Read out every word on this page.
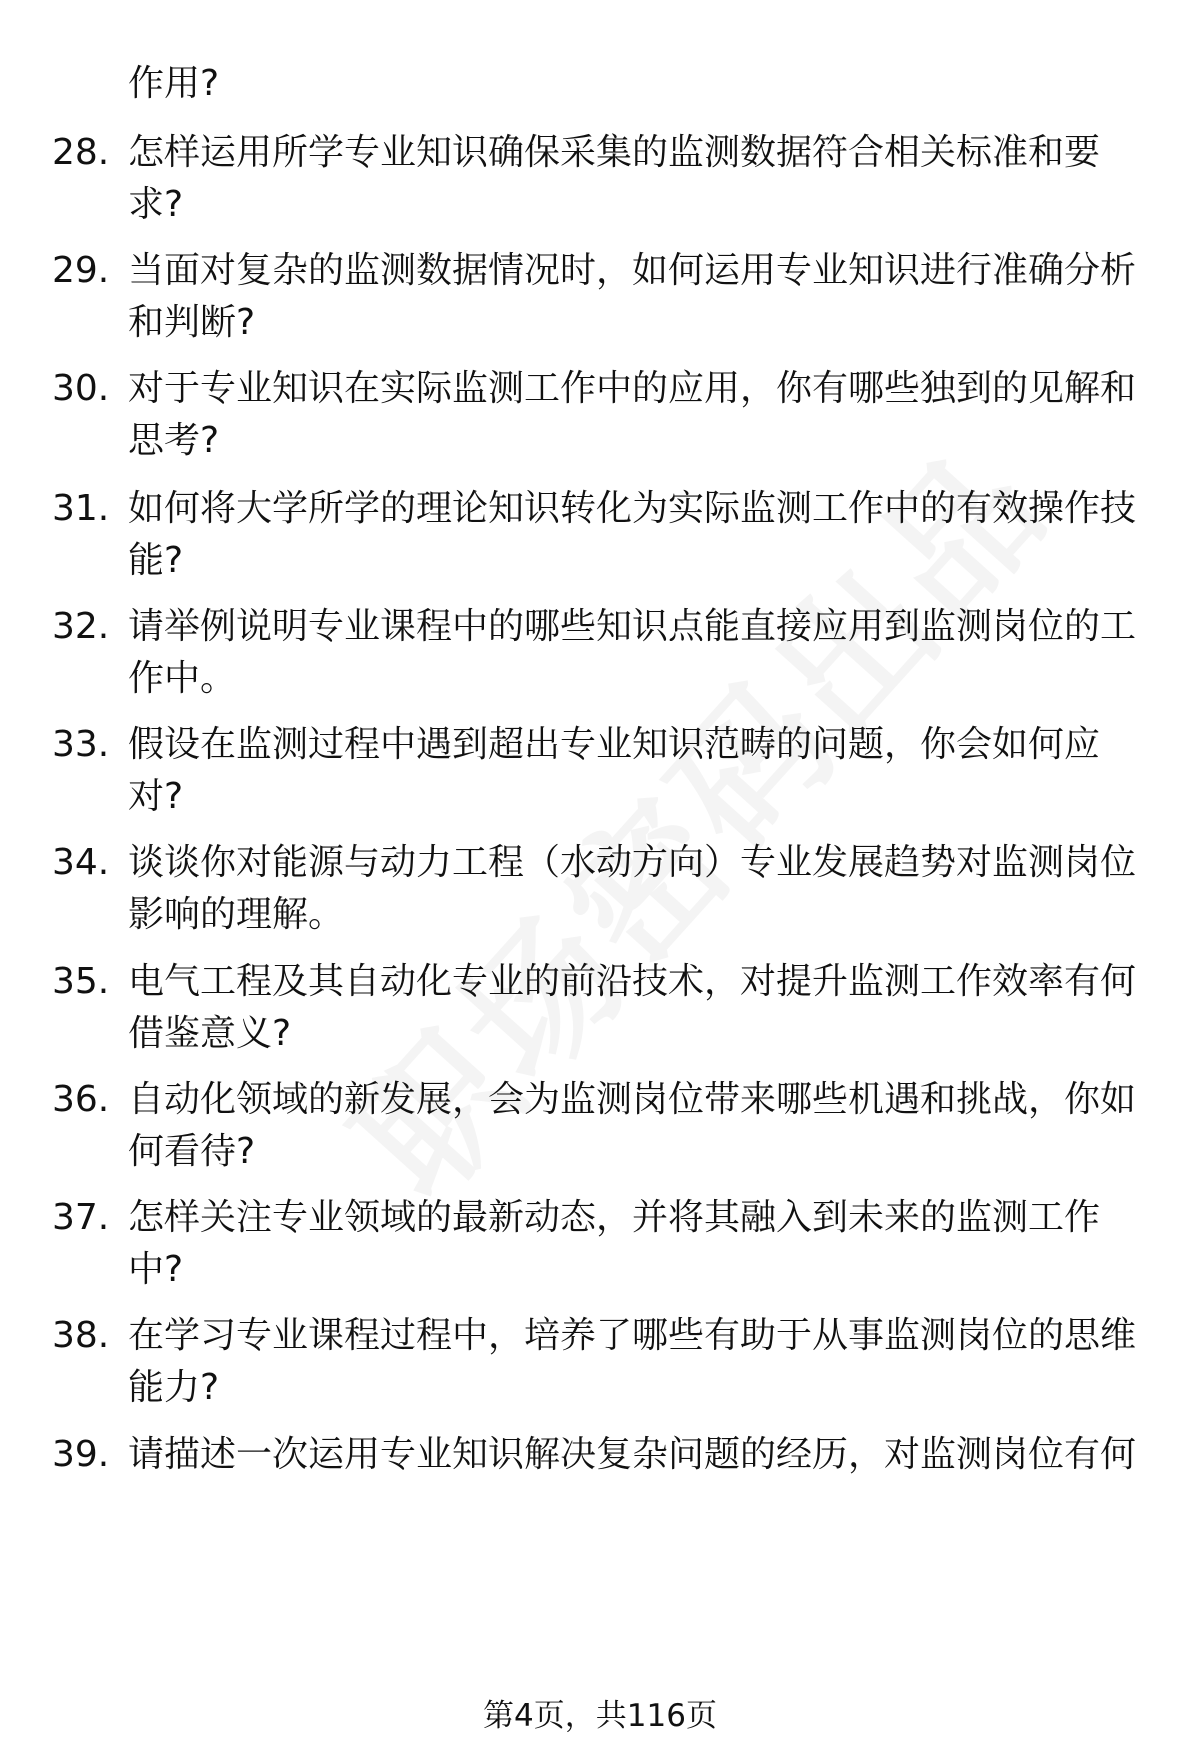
作用?
28. 怎样运用所学专业知识确保采集的监测数据符合相关标准和要求?
29. 当面对复杂的监测数据情况时，如何运用专业知识进行准确分析和判断?
30. 对于专业知识在实际监测工作中的应用，你有哪些独到的见解和思考?
31. 如何将大学所学的理论知识转化为实际监测工作中的有效操作技能?
32. 请举例说明专业课程中的哪些知识点能直接应用到监测岗位的工作中。
33. 假设在监测过程中遇到超出专业知识范畴的问题，你会如何应对?
34. 谈谈你对能源与动力工程（水动方向）专业发展趋势对监测岗位影响的理解。
35. 电气工程及其自动化专业的前沿技术，对提升监测工作效率有何借鉴意义?
36. 自动化领域的新发展，会为监测岗位带来哪些机遇和挑战，你如何看待?
37. 怎样关注专业领域的最新动态，并将其融入到未来的监测工作中?
38. 在学习专业课程过程中，培养了哪些有助于从事监测岗位的思维能力?
39. 请描述一次运用专业知识解决复杂问题的经历，对监测岗位有何
第4页，共116页
